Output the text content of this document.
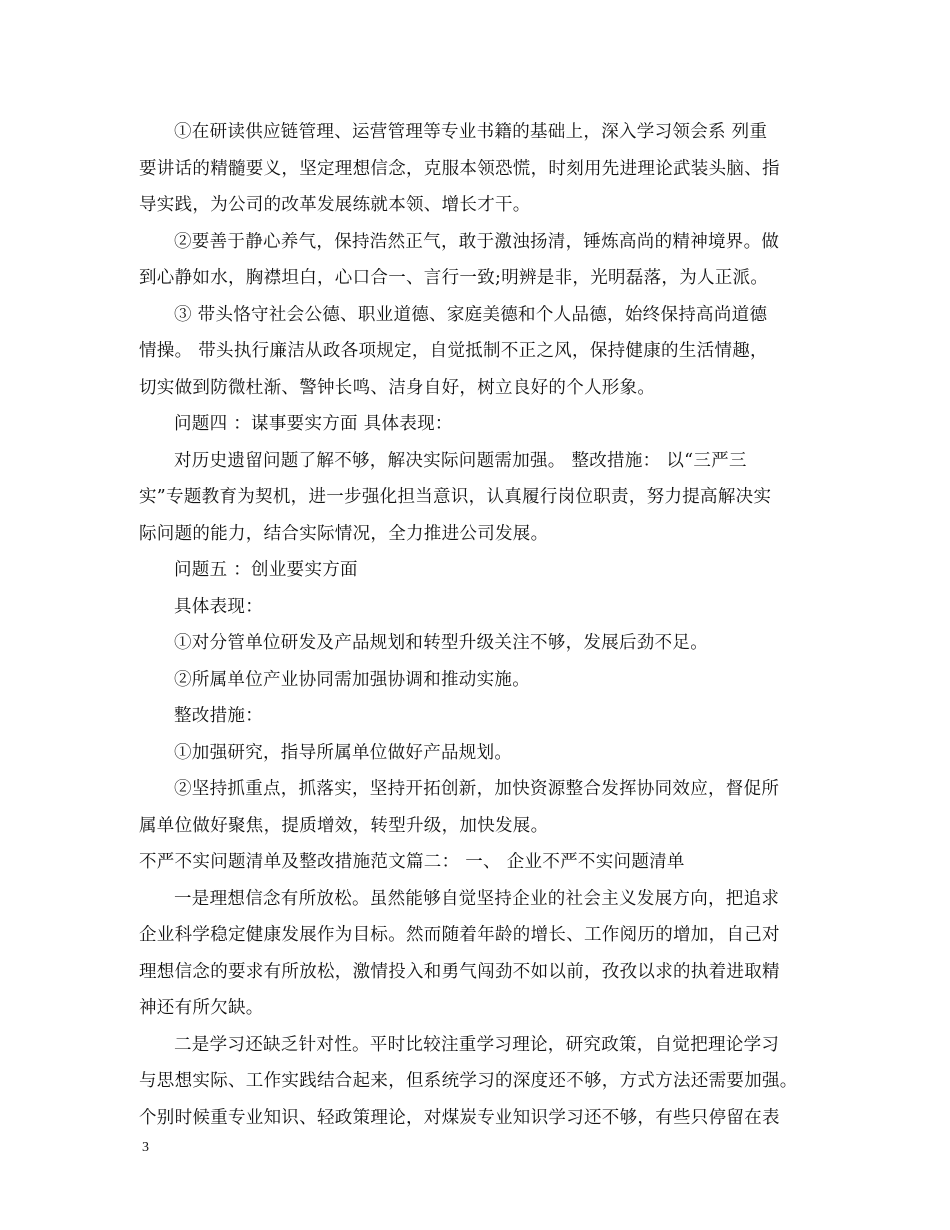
①在研读供应链管理、运营管理等专业书籍的基础上，深入学习领会系 列重
要讲话的精髓要义，坚定理想信念，克服本领恐慌，时刻用先进理论武装头脑、指
导实践，为公司的改革发展练就本领、增长才干。
②要善于静心养气，保持浩然正气，敢于激浊扬清，锤炼高尚的精神境界。做
到心静如水，胸襟坦白，心口合一、言行一致;明辨是非，光明磊落，为人正派。
③ 带头恪守社会公德、职业道德、家庭美德和个人品德，始终保持高尚道德
情操。 带头执行廉洁从政各项规定，自觉抵制不正之风，保持健康的生活情趣，
切实做到防微杜渐、警钟长鸣、洁身自好，树立良好的个人形象。
问题四 ：谋事要实方面 具体表现：
对历史遗留问题了解不够，解决实际问题需加强。 整改措施： 以“三严三
实”专题教育为契机，进一步强化担当意识，认真履行岗位职责，努力提高解决实
际问题的能力，结合实际情况，全力推进公司发展。
问题五 ：创业要实方面
具体表现：
①对分管单位研发及产品规划和转型升级关注不够，发展后劲不足。
②所属单位产业协同需加强协调和推动实施。
整改措施：
①加强研究，指导所属单位做好产品规划。
②坚持抓重点，抓落实，坚持开拓创新，加快资源整合发挥协同效应，督促所
属单位做好聚焦，提质增效，转型升级，加快发展。
不严不实问题清单及整改措施范文篇二： 一、 企业不严不实问题清单
一是理想信念有所放松。虽然能够自觉坚持企业的社会主义发展方向，把追求
企业科学稳定健康发展作为目标。然而随着年龄的增长、工作阅历的增加，自己对
理想信念的要求有所放松，激情投入和勇气闯劲不如以前，孜孜以求的执着进取精
神还有所欠缺。
二是学习还缺乏针对性。平时比较注重学习理论，研究政策，自觉把理论学习
与思想实际、工作实践结合起来，但系统学习的深度还不够，方式方法还需要加强。
个别时候重专业知识、轻政策理论，对煤炭专业知识学习还不够，有些只停留在表
3
